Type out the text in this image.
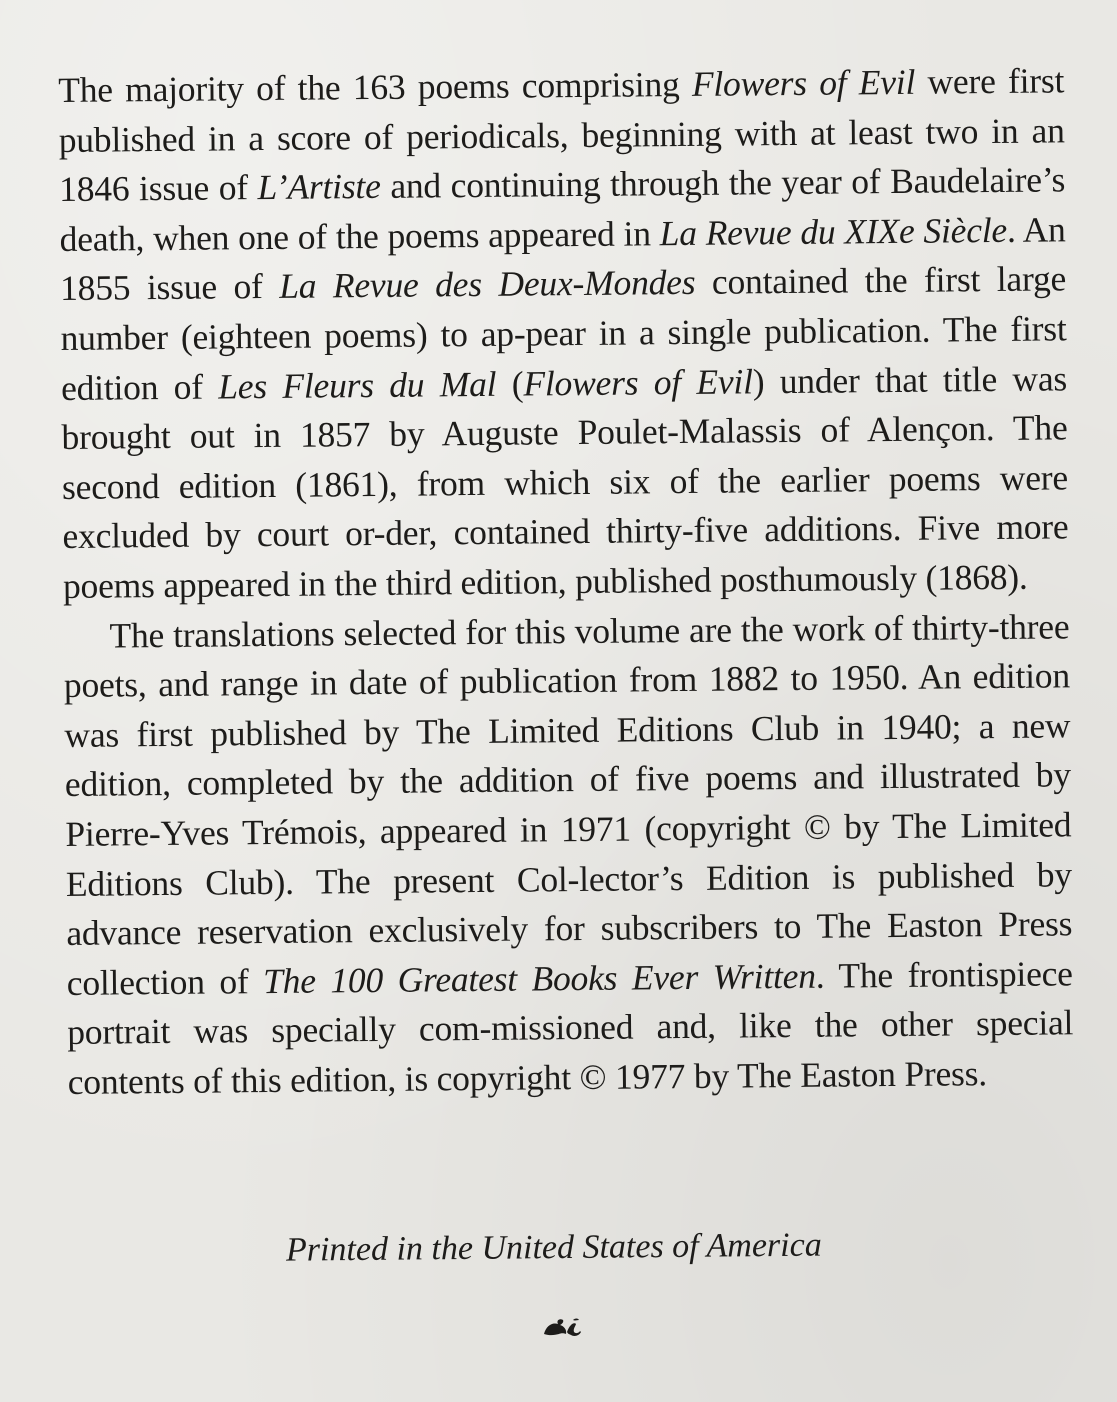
The majority of the 163 poems comprising Flowers of Evil were first published in a score of periodicals, beginning with at least two in an 1846 issue of L’Artiste and continuing through the year of Baudelaire’s death, when one of the poems appeared in La Revue du XIXe Siècle. An 1855 issue of La Revue des Deux-Mondes contained the first large number (eighteen poems) to ap-pear in a single publication. The first edition of Les Fleurs du Mal (Flowers of Evil) under that title was brought out in 1857 by Auguste Poulet-Malassis of Alençon. The second edition (1861), from which six of the earlier poems were excluded by court or-der, contained thirty-five additions. Five more poems appeared in the third edition, published posthumously (1868).

The translations selected for this volume are the work of thirty-three poets, and range in date of publication from 1882 to 1950. An edition was first published by The Limited Editions Club in 1940; a new edition, completed by the addition of five poems and illustrated by Pierre-Yves Trémois, appeared in 1971 (copyright © by The Limited Editions Club). The present Col-lector’s Edition is published by advance reservation exclusively for subscribers to The Easton Press collection of The 100 Greatest Books Ever Written. The frontispiece portrait was specially com-missioned and, like the other special contents of this edition, is copyright © 1977 by The Easton Press.

Printed in the United States of America
